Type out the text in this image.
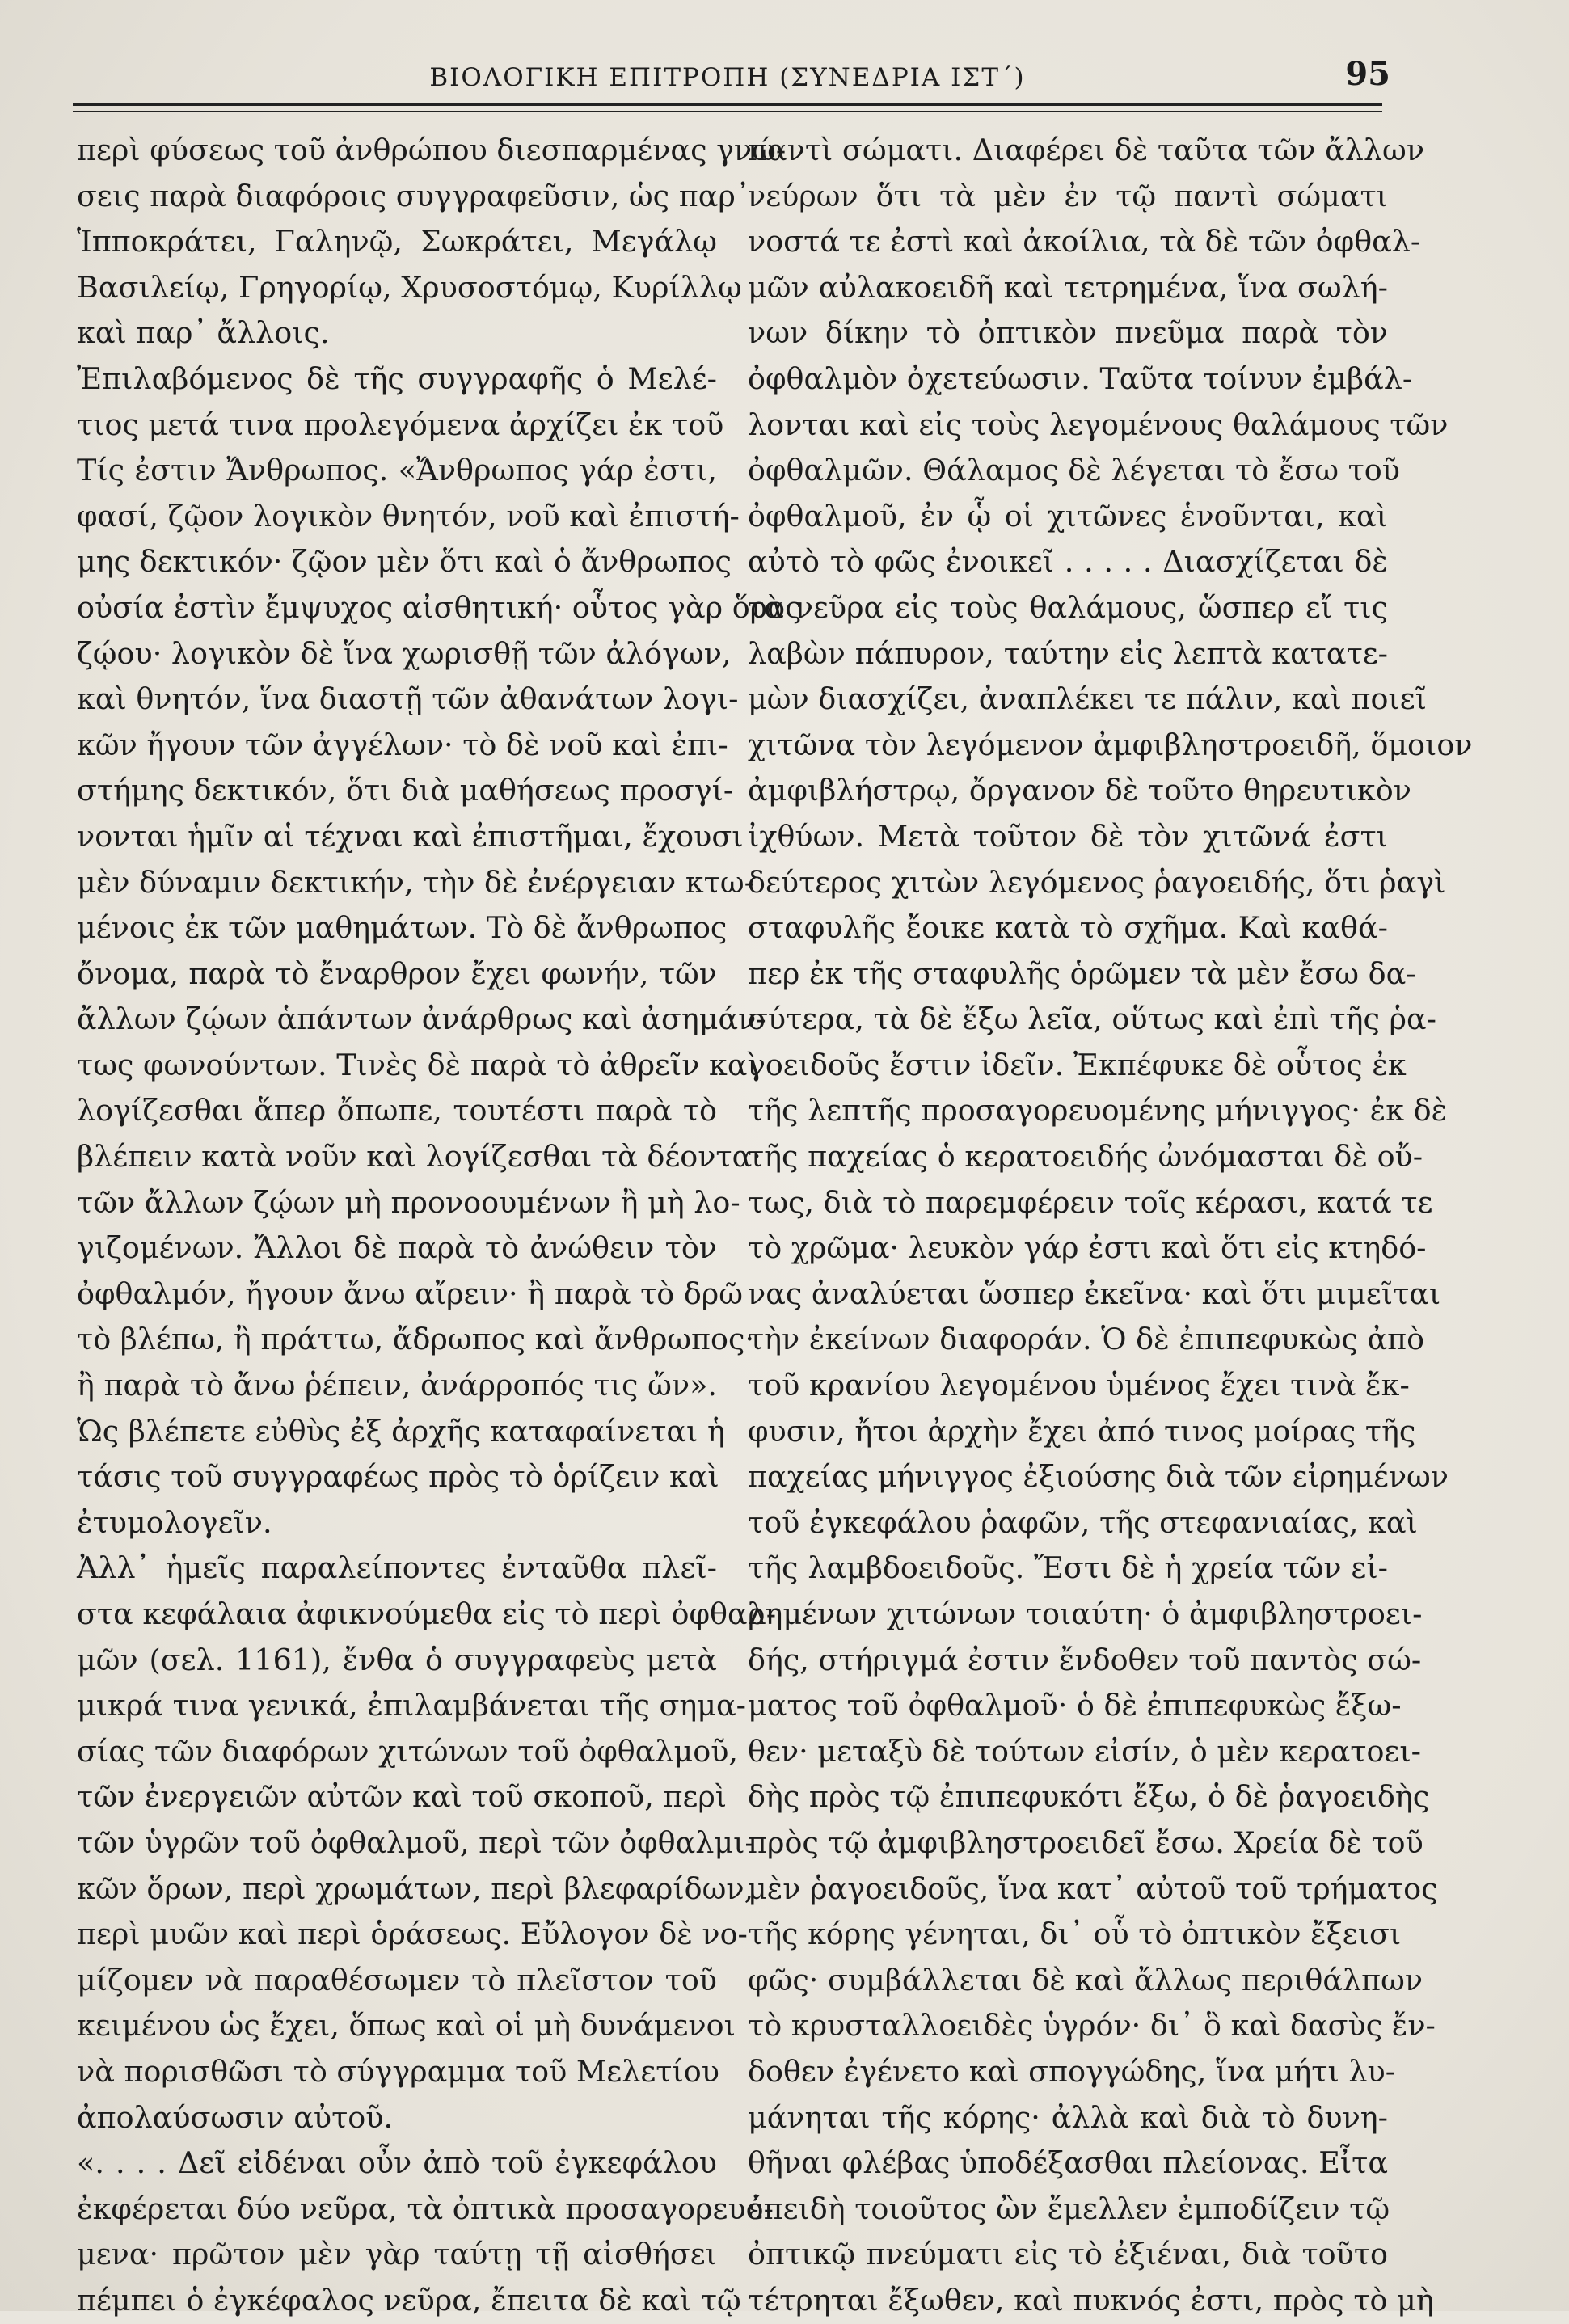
ΒΙΟΛΟΓΙΚΗ ΕΠΙΤΡΟΠΗ (ΣΥΝΕΔΡΙΑ ΙΣΤ΄)	95
περὶ φύσεως τοῦ ἀνθρώπου διεσπαρμένας γνώ-
σεις παρὰ διαφόροις συγγραφεῦσιν, ὡς παρ᾽
Ἱπποκράτει, Γαληνῷ, Σωκράτει, Μεγάλῳ
Βασιλείῳ, Γρηγορίῳ, Χρυσοστόμῳ, Κυρίλλῳ
καὶ παρ᾽ ἄλλοις.
Ἐπιλαβόμενος δὲ τῆς συγγραφῆς ὁ Μελέ-
τιος μετά τινα προλεγόμενα ἀρχίζει ἐκ τοῦ
Τίς ἐστιν Ἄνθρωπος. «Ἄνθρωπος γάρ ἐστι,
φασί, ζῷον λογικὸν θνητόν, νοῦ καὶ ἐπιστή-
μης δεκτικόν· ζῷον μὲν ὅτι καὶ ὁ ἄνθρωπος
οὐσία ἐστὶν ἔμψυχος αἰσθητική· οὗτος γὰρ ὅρος
ζῴου· λογικὸν δὲ ἵνα χωρισθῇ τῶν ἀλόγων,
καὶ θνητόν, ἵνα διαστῇ τῶν ἀθανάτων λογι-
κῶν ἤγουν τῶν ἀγγέλων· τὸ δὲ νοῦ καὶ ἐπι-
στήμης δεκτικόν, ὅτι διὰ μαθήσεως προσγί-
νονται ἡμῖν αἱ τέχναι καὶ ἐπιστῆμαι, ἔχουσι
μὲν δύναμιν δεκτικήν, τὴν δὲ ἐνέργειαν κτω-
μένοις ἐκ τῶν μαθημάτων. Τὸ δὲ ἄνθρωπος
ὄνομα, παρὰ τὸ ἔναρθρον ἔχει φωνήν, τῶν
ἄλλων ζῴων ἁπάντων ἀνάρθρως καὶ ἀσημάν-
τως φωνούντων. Τινὲς δὲ παρὰ τὸ ἀθρεῖν καὶ
λογίζεσθαι ἅπερ ὄπωπε, τουτέστι παρὰ τὸ
βλέπειν κατὰ νοῦν καὶ λογίζεσθαι τὰ δέοντα·
τῶν ἄλλων ζῴων μὴ προνοουμένων ἢ μὴ λο-
γιζομένων. Ἄλλοι δὲ παρὰ τὸ ἀνώθειν τὸν
ὀφθαλμόν, ἤγουν ἄνω αἴρειν· ἢ παρὰ τὸ δρῶ
τὸ βλέπω, ἢ πράττω, ἄδρωπος καὶ ἄνθρωπος·
ἢ παρὰ τὸ ἄνω ῥέπειν, ἀνάρροπός τις ὤν».
Ὡς βλέπετε εὐθὺς ἐξ ἀρχῆς καταφαίνεται ἡ
τάσις τοῦ συγγραφέως πρὸς τὸ ὁρίζειν καὶ
ἐτυμολογεῖν.
Ἀλλ᾽ ἡμεῖς παραλείποντες ἐνταῦθα πλεῖ-
στα κεφάλαια ἀφικνούμεθα εἰς τὸ περὶ ὀφθαλ-
μῶν (σελ. 1161), ἔνθα ὁ συγγραφεὺς μετὰ
μικρά τινα γενικά, ἐπιλαμβάνεται τῆς σημα-
σίας τῶν διαφόρων χιτώνων τοῦ ὀφθαλμοῦ,
τῶν ἐνεργειῶν αὐτῶν καὶ τοῦ σκοποῦ, περὶ
τῶν ὑγρῶν τοῦ ὀφθαλμοῦ, περὶ τῶν ὀφθαλμι-
κῶν ὅρων, περὶ χρωμάτων, περὶ βλεφαρίδων,
περὶ μυῶν καὶ περὶ ὁράσεως. Εὔλογον δὲ νο-
μίζομεν νὰ παραθέσωμεν τὸ πλεῖστον τοῦ
κειμένου ὡς ἔχει, ὅπως καὶ οἱ μὴ δυνάμενοι
νὰ πορισθῶσι τὸ σύγγραμμα τοῦ Μελετίου
ἀπολαύσωσιν αὐτοῦ.
«. . . . Δεῖ εἰδέναι οὖν ἀπὸ τοῦ ἐγκεφάλου
ἐκφέρεται δύο νεῦρα, τὰ ὀπτικὰ προσαγορευό-
μενα· πρῶτον μὲν γὰρ ταύτῃ τῇ αἰσθήσει
πέμπει ὁ ἐγκέφαλος νεῦρα, ἔπειτα δὲ καὶ τῷ
παντὶ σώματι. Διαφέρει δὲ ταῦτα τῶν ἄλλων
νεύρων ὅτι τὰ μὲν ἐν τῷ παντὶ σώματι
νοστά τε ἐστὶ καὶ ἀκοίλια, τὰ δὲ τῶν ὀφθαλ-
μῶν αὐλακοειδῆ καὶ τετρημένα, ἵνα σωλή-
νων δίκην τὸ ὀπτικὸν πνεῦμα παρὰ τὸν
ὀφθαλμὸν ὀχετεύωσιν. Ταῦτα τοίνυν ἐμβάλ-
λονται καὶ εἰς τοὺς λεγομένους θαλάμους τῶν
ὀφθαλμῶν. Θάλαμος δὲ λέγεται τὸ ἔσω τοῦ
ὀφθαλμοῦ, ἐν ᾧ οἱ χιτῶνες ἑνοῦνται, καὶ
αὐτὸ τὸ φῶς ἐνοικεῖ . . . . . Διασχίζεται δὲ
τὰ νεῦρα εἰς τοὺς θαλάμους, ὥσπερ εἴ τις
λαβὼν πάπυρον, ταύτην εἰς λεπτὰ κατατε-
μὼν διασχίζει, ἀναπλέκει τε πάλιν, καὶ ποιεῖ
χιτῶνα τὸν λεγόμενον ἀμφιβληστροειδῆ, ὅμοιον
ἀμφιβλήστρῳ, ὄργανον δὲ τοῦτο θηρευτικὸν
ἰχθύων. Μετὰ τοῦτον δὲ τὸν χιτῶνά ἐστι
δεύτερος χιτὼν λεγόμενος ῥαγοειδής, ὅτι ῥαγὶ
σταφυλῆς ἔοικε κατὰ τὸ σχῆμα. Καὶ καθά-
περ ἐκ τῆς σταφυλῆς ὁρῶμεν τὰ μὲν ἔσω δα-
σύτερα, τὰ δὲ ἔξω λεῖα, οὕτως καὶ ἐπὶ τῆς ῥα-
γοειδοῦς ἔστιν ἰδεῖν. Ἐκπέφυκε δὲ οὗτος ἐκ
τῆς λεπτῆς προσαγορευομένης μήνιγγος· ἐκ δὲ
τῆς παχείας ὁ κερατοειδής ὠνόμασται δὲ οὔ-
τως, διὰ τὸ παρεμφέρειν τοῖς κέρασι, κατά τε
τὸ χρῶμα· λευκὸν γάρ ἐστι καὶ ὅτι εἰς κτηδό-
νας ἀναλύεται ὥσπερ ἐκεῖνα· καὶ ὅτι μιμεῖται
τὴν ἐκείνων διαφοράν. Ὁ δὲ ἐπιπεφυκὼς ἀπὸ
τοῦ κρανίου λεγομένου ὑμένος ἔχει τινὰ ἔκ-
φυσιν, ἤτοι ἀρχὴν ἔχει ἀπό τινος μοίρας τῆς
παχείας μήνιγγος ἐξιούσης διὰ τῶν εἰρημένων
τοῦ ἐγκεφάλου ῥαφῶν, τῆς στεφανιαίας, καὶ
τῆς λαμβδοειδοῦς. Ἔστι δὲ ἡ χρεία τῶν εἰ-
ρημένων χιτώνων τοιαύτη· ὁ ἀμφιβληστροει-
δής, στήριγμά ἐστιν ἔνδοθεν τοῦ παντὸς σώ-
ματος τοῦ ὀφθαλμοῦ· ὁ δὲ ἐπιπεφυκὼς ἔξω-
θεν· μεταξὺ δὲ τούτων εἰσίν, ὁ μὲν κερατοει-
δὴς πρὸς τῷ ἐπιπεφυκότι ἔξω, ὁ δὲ ῥαγοειδὴς
πρὸς τῷ ἀμφιβληστροειδεῖ ἔσω. Χρεία δὲ τοῦ
μὲν ῥαγοειδοῦς, ἵνα κατ᾽ αὐτοῦ τοῦ τρήματος
τῆς κόρης γένηται, δι᾽ οὗ τὸ ὀπτικὸν ἔξεισι
φῶς· συμβάλλεται δὲ καὶ ἄλλως περιθάλπων
τὸ κρυσταλλοειδὲς ὑγρόν· δι᾽ ὃ καὶ δασὺς ἔν-
δοθεν ἐγένετο καὶ σπογγώδης, ἵνα μήτι λυ-
μάνηται τῆς κόρης· ἀλλὰ καὶ διὰ τὸ δυνη-
θῆναι φλέβας ὑποδέξασθαι πλείονας. Εἶτα
ἐπειδὴ τοιοῦτος ὢν ἔμελλεν ἐμποδίζειν τῷ
ὀπτικῷ πνεύματι εἰς τὸ ἐξιέναι, διὰ τοῦτο
τέτρηται ἔξωθεν, καὶ πυκνός ἐστι, πρὸς τὸ μὴ
